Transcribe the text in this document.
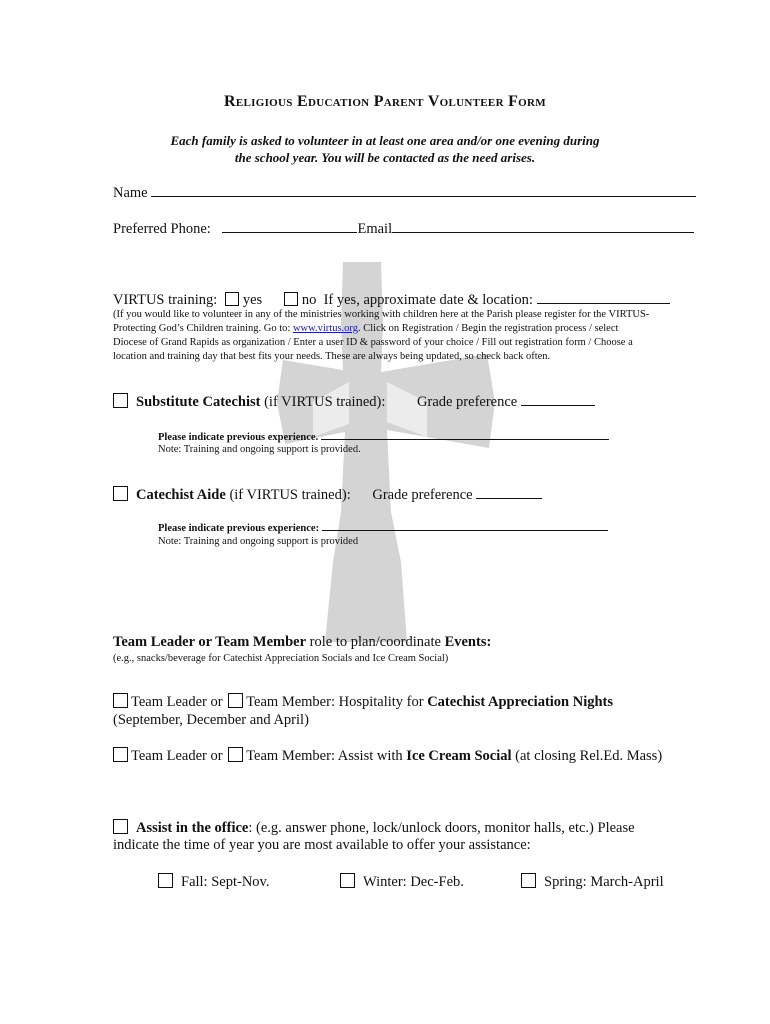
Religious Education Parent Volunteer Form
Each family is asked to volunteer in at least one area and/or one evening during
the school year. You will be contacted as the need arises.
Name
Preferred Phone:	Email
VIRTUS training: yes	no If yes, approximate date & location:
(If you would like to volunteer in any of the ministries working with children here at the Parish please register for the VIRTUS-
Protecting God’s Children training. Go to: www.virtus.org. Click on Registration / Begin the registration process / select
Diocese of Grand Rapids as organization / Enter a user ID & password of your choice / Fill out registration form / Choose a
location and training day that best fits your needs. These are always being updated, so check back often.
Substitute Catechist (if VIRTUS trained): Grade preference
Please indicate previous experience.
Note: Training and ongoing support is provided.
Catechist Aide (if VIRTUS trained): Grade preference
Please indicate previous experience:
Note: Training and ongoing support is provided
Team Leader or Team Member role to plan/coordinate Events:
(e.g., snacks/beverage for Catechist Appreciation Socials and Ice Cream Social)
Team Leader or Team Member: Hospitality for Catechist Appreciation Nights
(September, December and April)
Team Leader or Team Member: Assist with Ice Cream Social (at closing Rel.Ed. Mass)
Assist in the office: (e.g. answer phone, lock/unlock doors, monitor halls, etc.) Please
indicate the time of year you are most available to offer your assistance:
Fall: Sept-Nov.	Winter: Dec-Feb.	Spring: March-April
